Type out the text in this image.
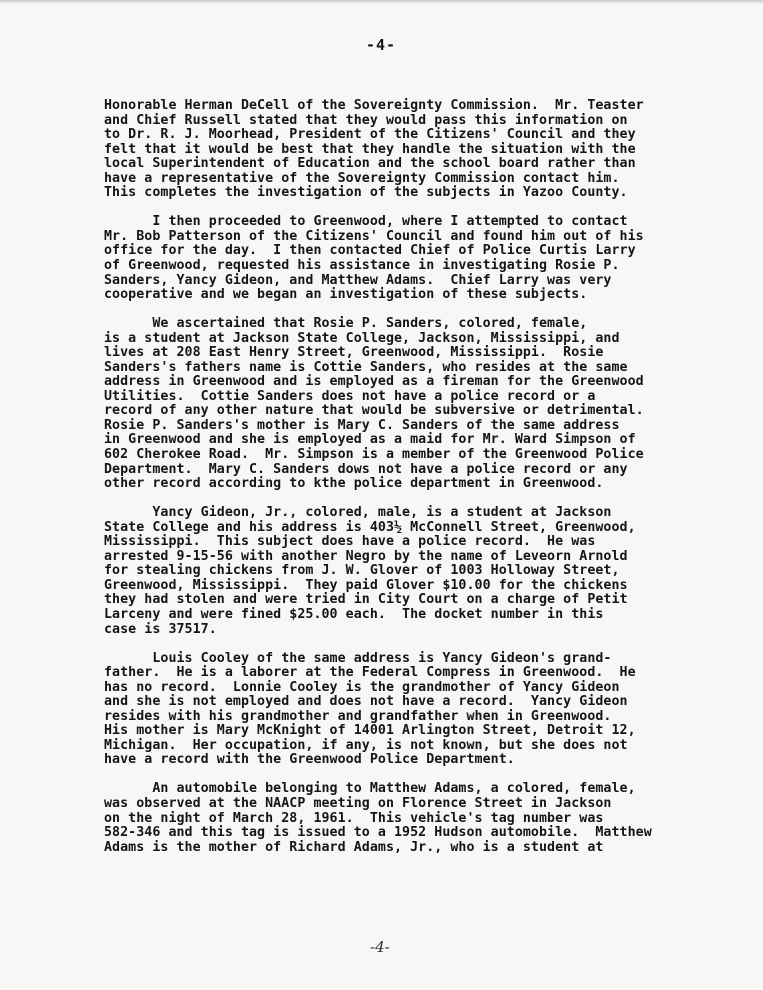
-4-
Honorable Herman DeCell of the Sovereignty Commission.  Mr. Teaster
and Chief Russell stated that they would pass this information on
to Dr. R. J. Moorhead, President of the Citizens' Council and they
felt that it would be best that they handle the situation with the
local Superintendent of Education and the school board rather than
have a representative of the Sovereignty Commission contact him.
This completes the investigation of the subjects in Yazoo County.
I then proceeded to Greenwood, where I attempted to contact
Mr. Bob Patterson of the Citizens' Council and found him out of his
office for the day.  I then contacted Chief of Police Curtis Larry
of Greenwood, requested his assistance in investigating Rosie P.
Sanders, Yancy Gideon, and Matthew Adams.  Chief Larry was very
cooperative and we began an investigation of these subjects.
We ascertained that Rosie P. Sanders, colored, female,
is a student at Jackson State College, Jackson, Mississippi, and
lives at 208 East Henry Street, Greenwood, Mississippi.  Rosie
Sanders's fathers name is Cottie Sanders, who resides at the same
address in Greenwood and is employed as a fireman for the Greenwood
Utilities.  Cottie Sanders does not have a police record or a
record of any other nature that would be subversive or detrimental.
Rosie P. Sanders's mother is Mary C. Sanders of the same address
in Greenwood and she is employed as a maid for Mr. Ward Simpson of
602 Cherokee Road.  Mr. Simpson is a member of the Greenwood Police
Department.  Mary C. Sanders dows not have a police record or any
other record according to kthe police department in Greenwood.
Yancy Gideon, Jr., colored, male, is a student at Jackson
State College and his address is 403½ McConnell Street, Greenwood,
Mississippi.  This subject does have a police record.  He was
arrested 9-15-56 with another Negro by the name of Leveorn Arnold
for stealing chickens from J. W. Glover of 1003 Holloway Street,
Greenwood, Mississippi.  They paid Glover $10.00 for the chickens
they had stolen and were tried in City Court on a charge of Petit
Larceny and were fined $25.00 each.  The docket number in this
case is 37517.
Louis Cooley of the same address is Yancy Gideon's grand-
father.  He is a laborer at the Federal Compress in Greenwood.  He
has no record.  Lonnie Cooley is the grandmother of Yancy Gideon
and she is not employed and does not have a record.  Yancy Gideon
resides with his grandmother and grandfather when in Greenwood.
His mother is Mary McKnight of 14001 Arlington Street, Detroit 12,
Michigan.  Her occupation, if any, is not known, but she does not
have a record with the Greenwood Police Department.
An automobile belonging to Matthew Adams, a colored, female,
was observed at the NAACP meeting on Florence Street in Jackson
on the night of March 28, 1961.  This vehicle's tag number was
582-346 and this tag is issued to a 1952 Hudson automobile.  Matthew
Adams is the mother of Richard Adams, Jr., who is a student at
-4-
